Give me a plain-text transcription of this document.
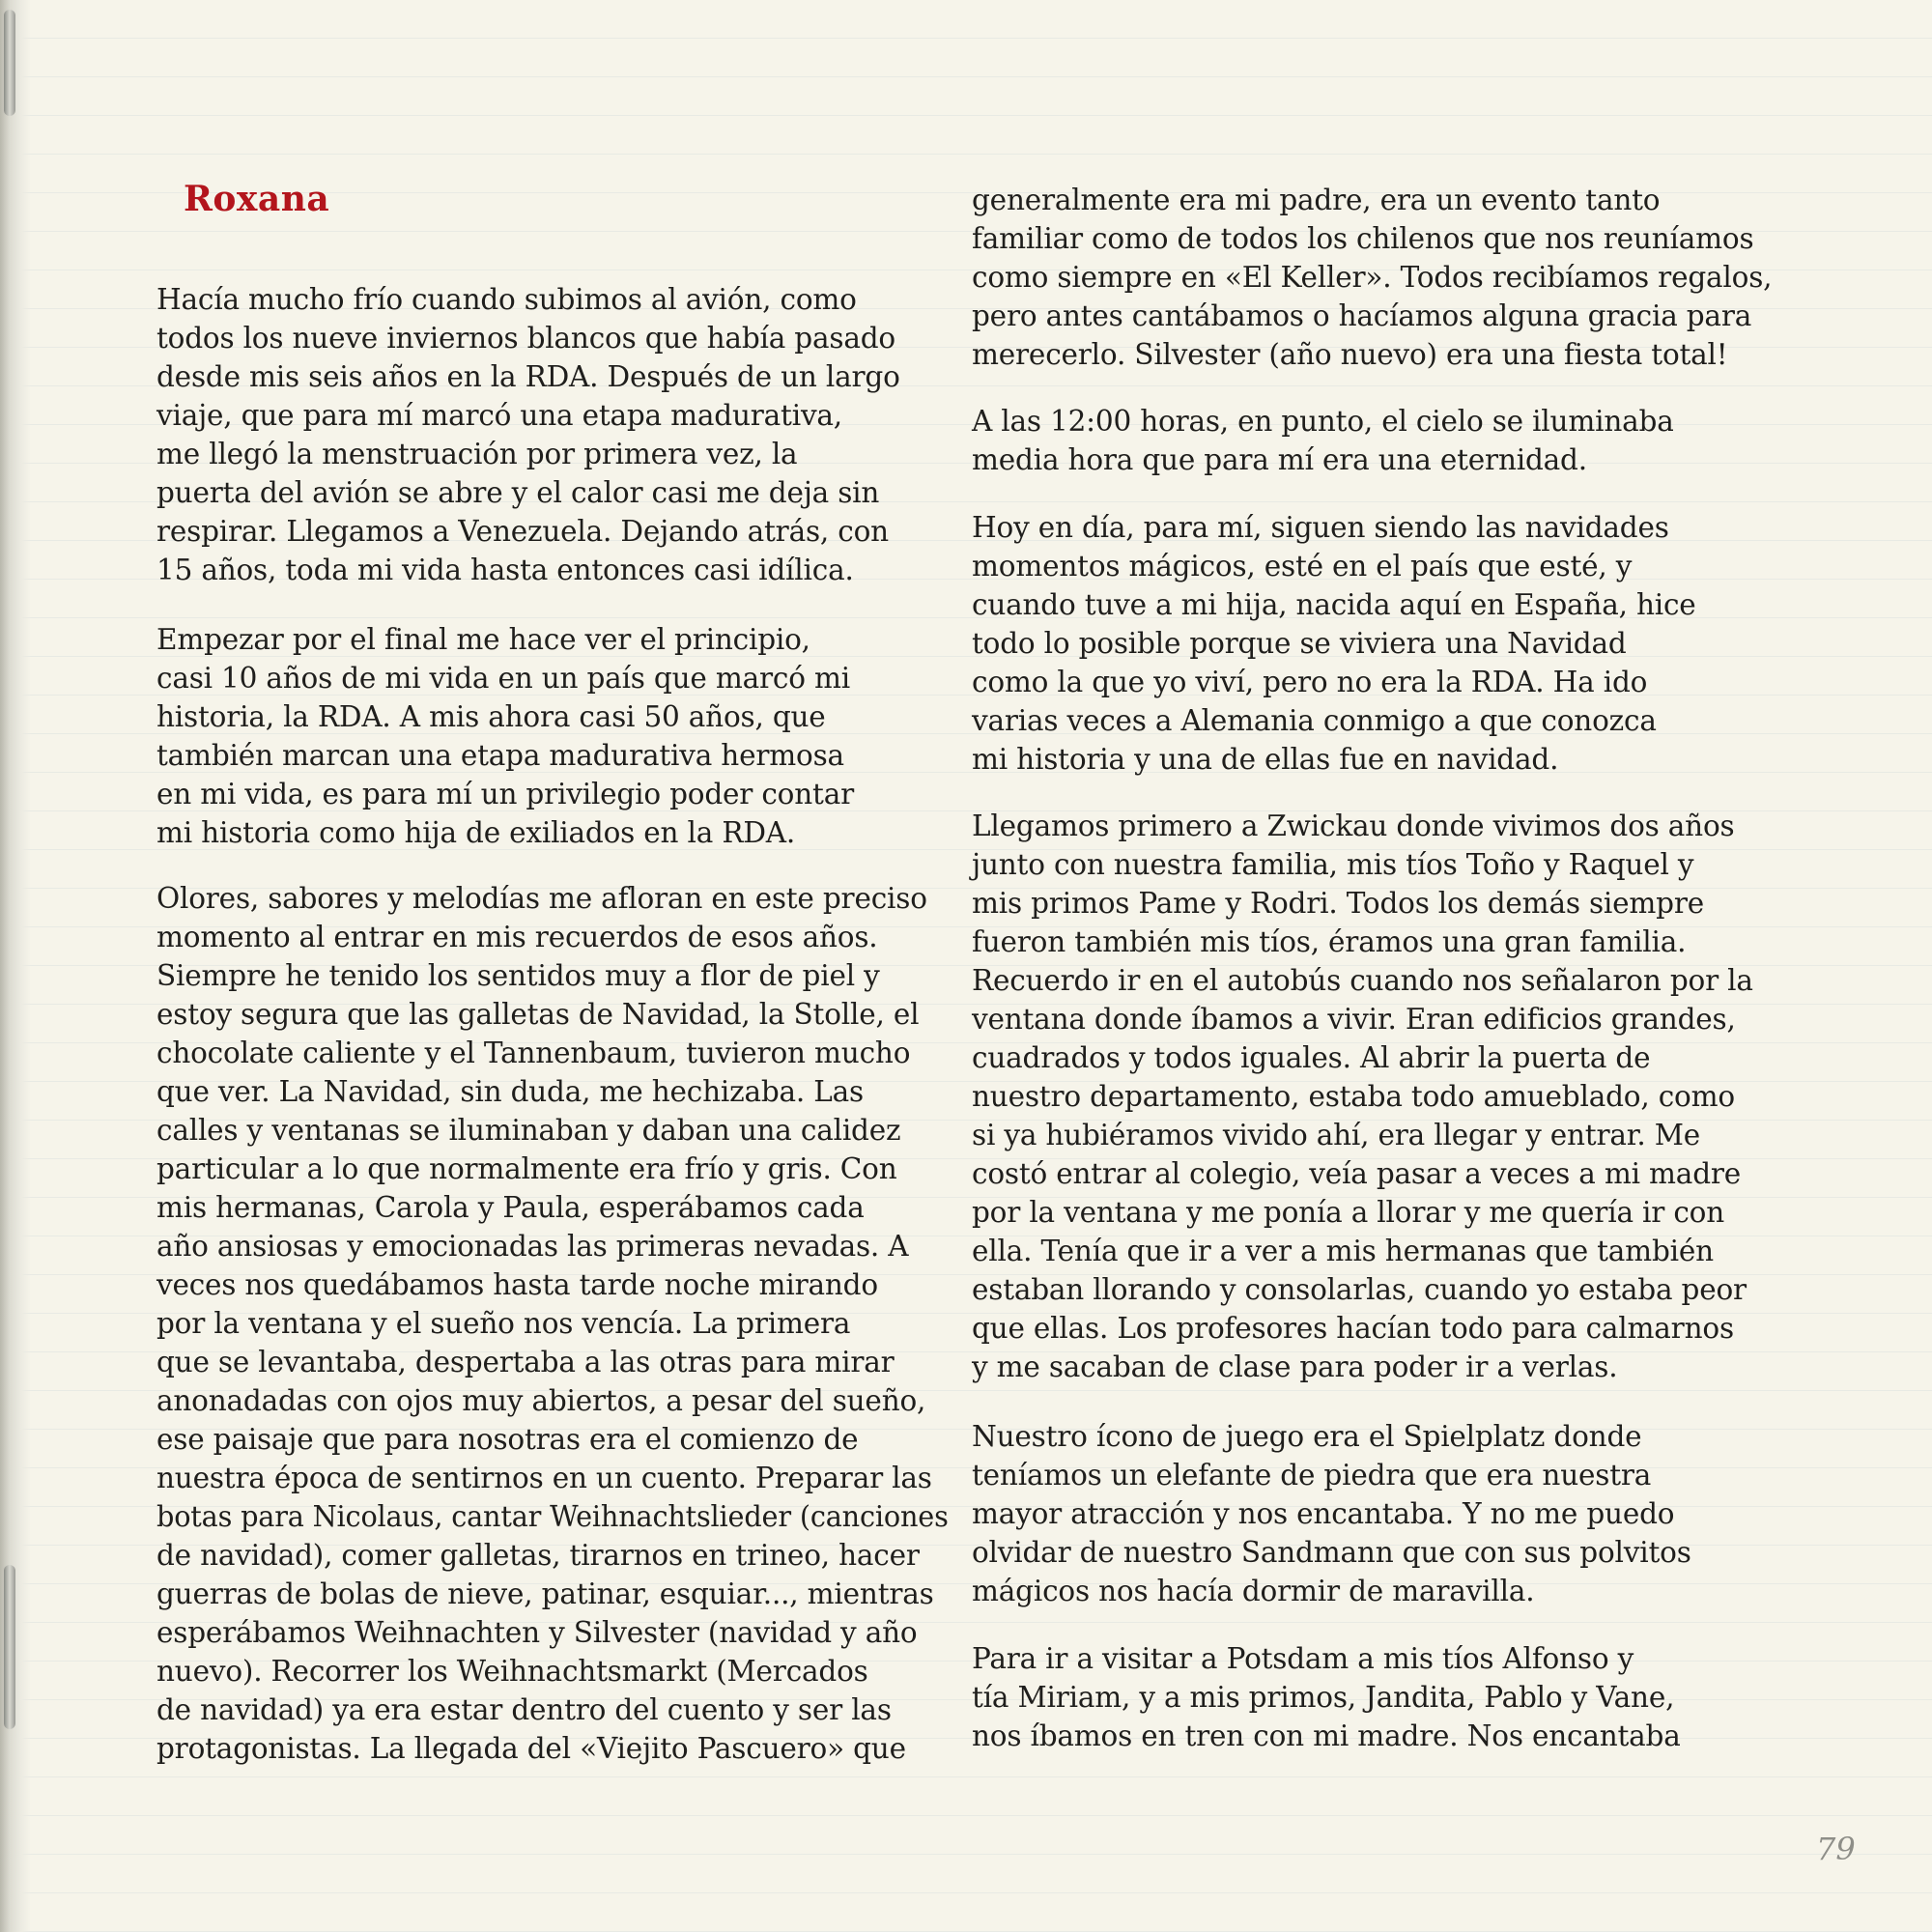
Roxana
Hacía mucho frío cuando subimos al avión, como
todos los nueve inviernos blancos que había pasado
desde mis seis años en la RDA. Después de un largo
viaje, que para mí marcó una etapa madurativa,
me llegó la menstruación por primera vez, la
puerta del avión se abre y el calor casi me deja sin
respirar. Llegamos a Venezuela. Dejando atrás, con
15 años, toda mi vida hasta entonces casi idílica.
Empezar por el final me hace ver el principio,
casi 10 años de mi vida en un país que marcó mi
historia, la RDA. A mis ahora casi 50 años, que
también marcan una etapa madurativa hermosa
en mi vida, es para mí un privilegio poder contar
mi historia como hija de exiliados en la RDA.
Olores, sabores y melodías me afloran en este preciso
momento al entrar en mis recuerdos de esos años.
Siempre he tenido los sentidos muy a flor de piel y
estoy segura que las galletas de Navidad, la Stolle, el
chocolate caliente y el Tannenbaum, tuvieron mucho
que ver. La Navidad, sin duda, me hechizaba. Las
calles y ventanas se iluminaban y daban una calidez
particular a lo que normalmente era frío y gris. Con
mis hermanas, Carola y Paula, esperábamos cada
año ansiosas y emocionadas las primeras nevadas. A
veces nos quedábamos hasta tarde noche mirando
por la ventana y el sueño nos vencía. La primera
que se levantaba, despertaba a las otras para mirar
anonadadas con ojos muy abiertos, a pesar del sueño,
ese paisaje que para nosotras era el comienzo de
nuestra época de sentirnos en un cuento. Preparar las
botas para Nicolaus, cantar Weihnachtslieder (canciones
de navidad), comer galletas, tirarnos en trineo, hacer
guerras de bolas de nieve, patinar, esquiar..., mientras
esperábamos Weihnachten y Silvester (navidad y año
nuevo). Recorrer los Weihnachtsmarkt (Mercados
de navidad) ya era estar dentro del cuento y ser las
protagonistas. La llegada del «Viejito Pascuero» que
generalmente era mi padre, era un evento tanto
familiar como de todos los chilenos que nos reuníamos
como siempre en «El Keller». Todos recibíamos regalos,
pero antes cantábamos o hacíamos alguna gracia para
merecerlo. Silvester (año nuevo) era una fiesta total!
A las 12:00 horas, en punto, el cielo se iluminaba
media hora que para mí era una eternidad.
Hoy en día, para mí, siguen siendo las navidades
momentos mágicos, esté en el país que esté, y
cuando tuve a mi hija, nacida aquí en España, hice
todo lo posible porque se viviera una Navidad
como la que yo viví, pero no era la RDA. Ha ido
varias veces a Alemania conmigo a que conozca
mi historia y una de ellas fue en navidad.
Llegamos primero a Zwickau donde vivimos dos años
junto con nuestra familia, mis tíos Toño y Raquel y
mis primos Pame y Rodri. Todos los demás siempre
fueron también mis tíos, éramos una gran familia.
Recuerdo ir en el autobús cuando nos señalaron por la
ventana donde íbamos a vivir. Eran edificios grandes,
cuadrados y todos iguales. Al abrir la puerta de
nuestro departamento, estaba todo amueblado, como
si ya hubiéramos vivido ahí, era llegar y entrar. Me
costó entrar al colegio, veía pasar a veces a mi madre
por la ventana y me ponía a llorar y me quería ir con
ella. Tenía que ir a ver a mis hermanas que también
estaban llorando y consolarlas, cuando yo estaba peor
que ellas. Los profesores hacían todo para calmarnos
y me sacaban de clase para poder ir a verlas.
Nuestro ícono de juego era el Spielplatz donde
teníamos un elefante de piedra que era nuestra
mayor atracción y nos encantaba. Y no me puedo
olvidar de nuestro Sandmann que con sus polvitos
mágicos nos hacía dormir de maravilla.
Para ir a visitar a Potsdam a mis tíos Alfonso y
tía Miriam, y a mis primos, Jandita, Pablo y Vane,
nos íbamos en tren con mi madre. Nos encantaba
79
